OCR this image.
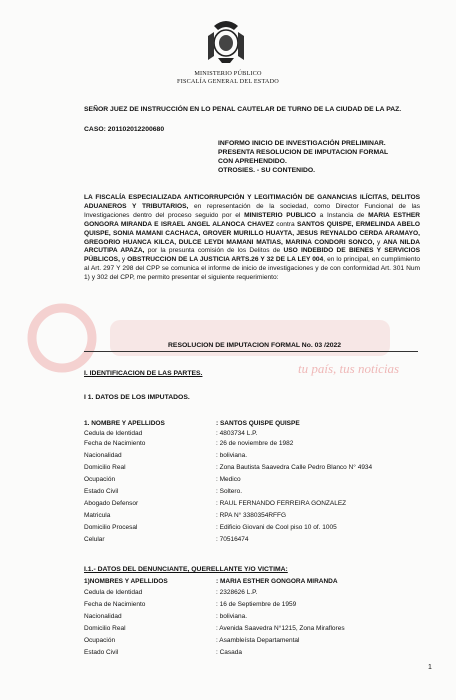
MINISTERIO PÚBLICO
FISCALÍA GENERAL DEL ESTADO
SEÑOR JUEZ DE INSTRUCCIÓN EN LO PENAL CAUTELAR DE TURNO DE LA CIUDAD DE LA PAZ.
CASO: 201102012200680
INFORMO INICIO DE INVESTIGACIÓN PRELIMINAR.
PRESENTA RESOLUCION DE IMPUTACION FORMAL
CON APREHENDIDO.
OTROSIES. - SU CONTENIDO.
LA FISCALÍA ESPECIALIZADA ANTICORRUPCIÓN Y LEGITIMACIÓN DE GANANCIAS ILÍCITAS, DELITOS ADUANEROS Y TRIBUTARIOS, en representación de la sociedad, como Director Funcional de las Investigaciones dentro del proceso seguido por el MINISTERIO PUBLICO a Instancia de MARIA ESTHER GONGORA MIRANDA E ISRAEL ANGEL ALANOCA CHAVEZ contra SANTOS QUISPE, ERMELINDA ABELO QUISPE, SONIA MAMANI CACHACA, GROVER MURILLO HUAYTA, JESUS REYNALDO CERDA ARAMAYO, GREGORIO HUANCA KILCA, DULCE LEYDI MAMANI MATIAS, MARINA CONDORI SONCO, y ANA NILDA ARCUTIPA APAZA, por la presunta comisión de los Delitos de USO INDEBIDO DE BIENES Y SERVICIOS PÚBLICOS, y OBSTRUCCION DE LA JUSTICIA ARTS.26 Y 32 DE LA LEY 004, en lo principal, en cumplimiento al Art. 297 Y 298 del CPP se comunica el informe de inicio de investigaciones y de con conformidad Art. 301 Num 1) y 302 del CPP, me permito presentar el siguiente requerimiento:
tu país, tus noticias
RESOLUCION DE IMPUTACION FORMAL No. 03 /2022
I. IDENTIFICACION DE LAS PARTES.
I 1. DATOS DE LOS IMPUTADOS.
1. NOMBRE Y APELLIDOS	: SANTOS QUISPE QUISPE
Cedula de Identidad	: 4803734 L.P.
Fecha de Nacimiento	: 26 de noviembre de 1982
Nacionalidad	: boliviana.
Domicilio Real	: Zona Bautista Saavedra Calle Pedro Blanco N° 4934
Ocupación	: Medico
Estado Civil	: Soltero.
Abogado Defensor	: RAUL FERNANDO FERREIRA GONZALEZ
Matricula	: RPA N° 3380354RFFG
Domicilio Procesal	: Edificio Giovani de Cool piso 10 of. 1005
Celular	: 70516474
I.1.- DATOS DEL DENUNCIANTE, QUERELLANTE Y/O VICTIMA:
1)NOMBRES Y APELLIDOS	: MARIA ESTHER GONGORA MIRANDA
Cedula de Identidad	: 2328626 L.P.
Fecha de Nacimiento	: 16 de Septiembre de 1959
Nacionalidad	: boliviana.
Domicilio Real	: Avenida Saavedra N°1215, Zona Miraflores
Ocupación	: Asambleísta Departamental
Estado Civil	: Casada
1
